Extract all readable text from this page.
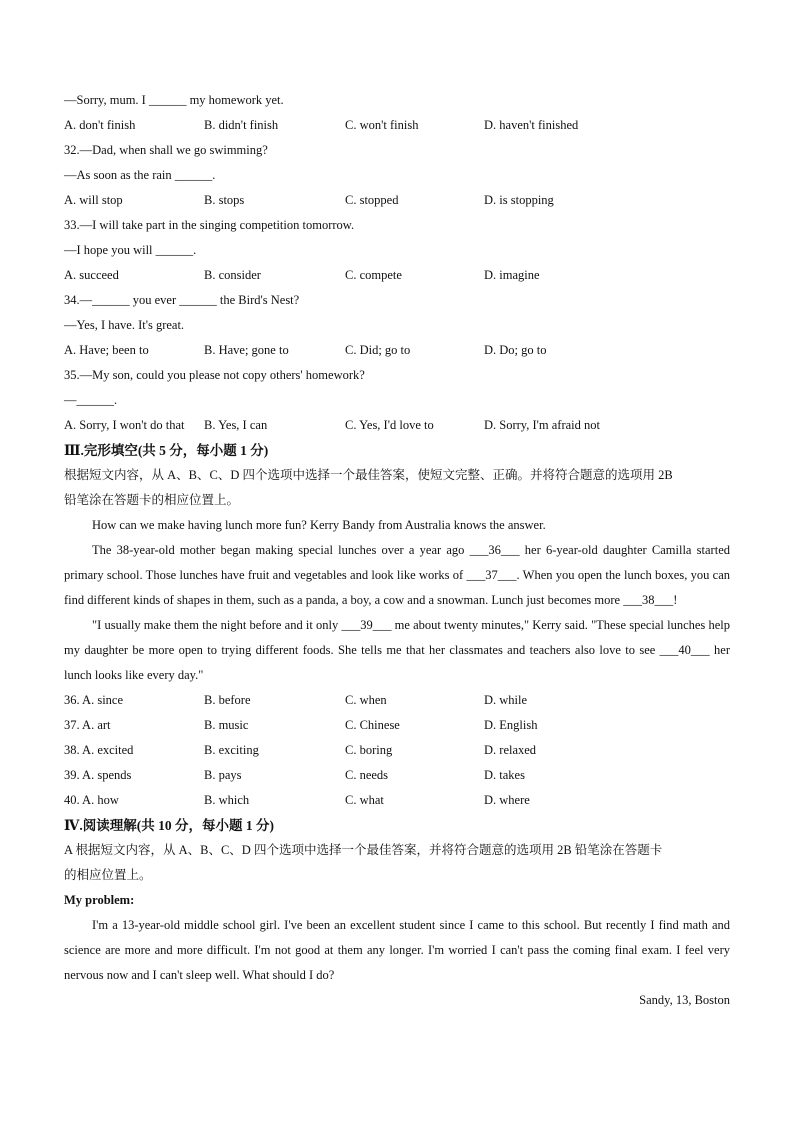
—Sorry, mum. I ______ my homework yet.
A. don't finish	B. didn't finish	C. won't finish	D. haven't finished
32.—Dad, when shall we go swimming?
—As soon as the rain ______.
A. will stop	B. stops	C. stopped	D. is stopping
33.—I will take part in the singing competition tomorrow.
—I hope you will ______.
A. succeed	B. consider	C. compete	D. imagine
34.—______ you ever ______ the Bird's Nest?
—Yes, I have. It's great.
A. Have; been to	B. Have; gone to	C. Did; go to	D. Do; go to
35.—My son, could you please not copy others' homework?
—______.
A. Sorry, I won't do that B. Yes, I can	C. Yes, I'd love to	D. Sorry, I'm afraid not
Ⅲ.完形填空(共 5 分，每小题 1 分)
根据短文内容，从 A、B、C、D 四个选项中选择一个最佳答案，使短文完整、正确。并将符合题意的选项用 2B
铅笔涂在答题卡的相应位置上。

How can we make having lunch more fun? Kerry Bandy from Australia knows the answer.

The 38-year-old mother began making special lunches over a year ago ___36___ her 6-year-old daughter Camilla started primary school. Those lunches have fruit and vegetables and look like works of ___37___. When you open the lunch boxes, you can find different kinds of shapes in them, such as a panda, a boy, a cow and a snowman. Lunch just becomes more ___38___!

"I usually make them the night before and it only ___39___ me about twenty minutes," Kerry said. "These special lunches help my daughter be more open to trying different foods. She tells me that her classmates and teachers also love to see ___40___ her lunch looks like every day."

36. A. since	B. before	C. when	D. while
37. A. art	B. music	C. Chinese	D. English
38. A. excited	B. exciting	C. boring	D. relaxed
39. A. spends	B. pays	C. needs	D. takes
40. A. how	B. which	C. what	D. where
Ⅳ.阅读理解(共 10 分，每小题 1 分)
A 根据短文内容，从 A、B、C、D 四个选项中选择一个最佳答案，并将符合题意的选项用 2B 铅笔涂在答题卡
的相应位置上。
My problem:

I'm a 13-year-old middle school girl. I've been an excellent student since I came to this school. But recently I find math and science are more and more difficult. I'm not good at them any longer. I'm worried I can't pass the coming final exam. I feel very nervous now and I can't sleep well. What should I do?

Sandy, 13, Boston
